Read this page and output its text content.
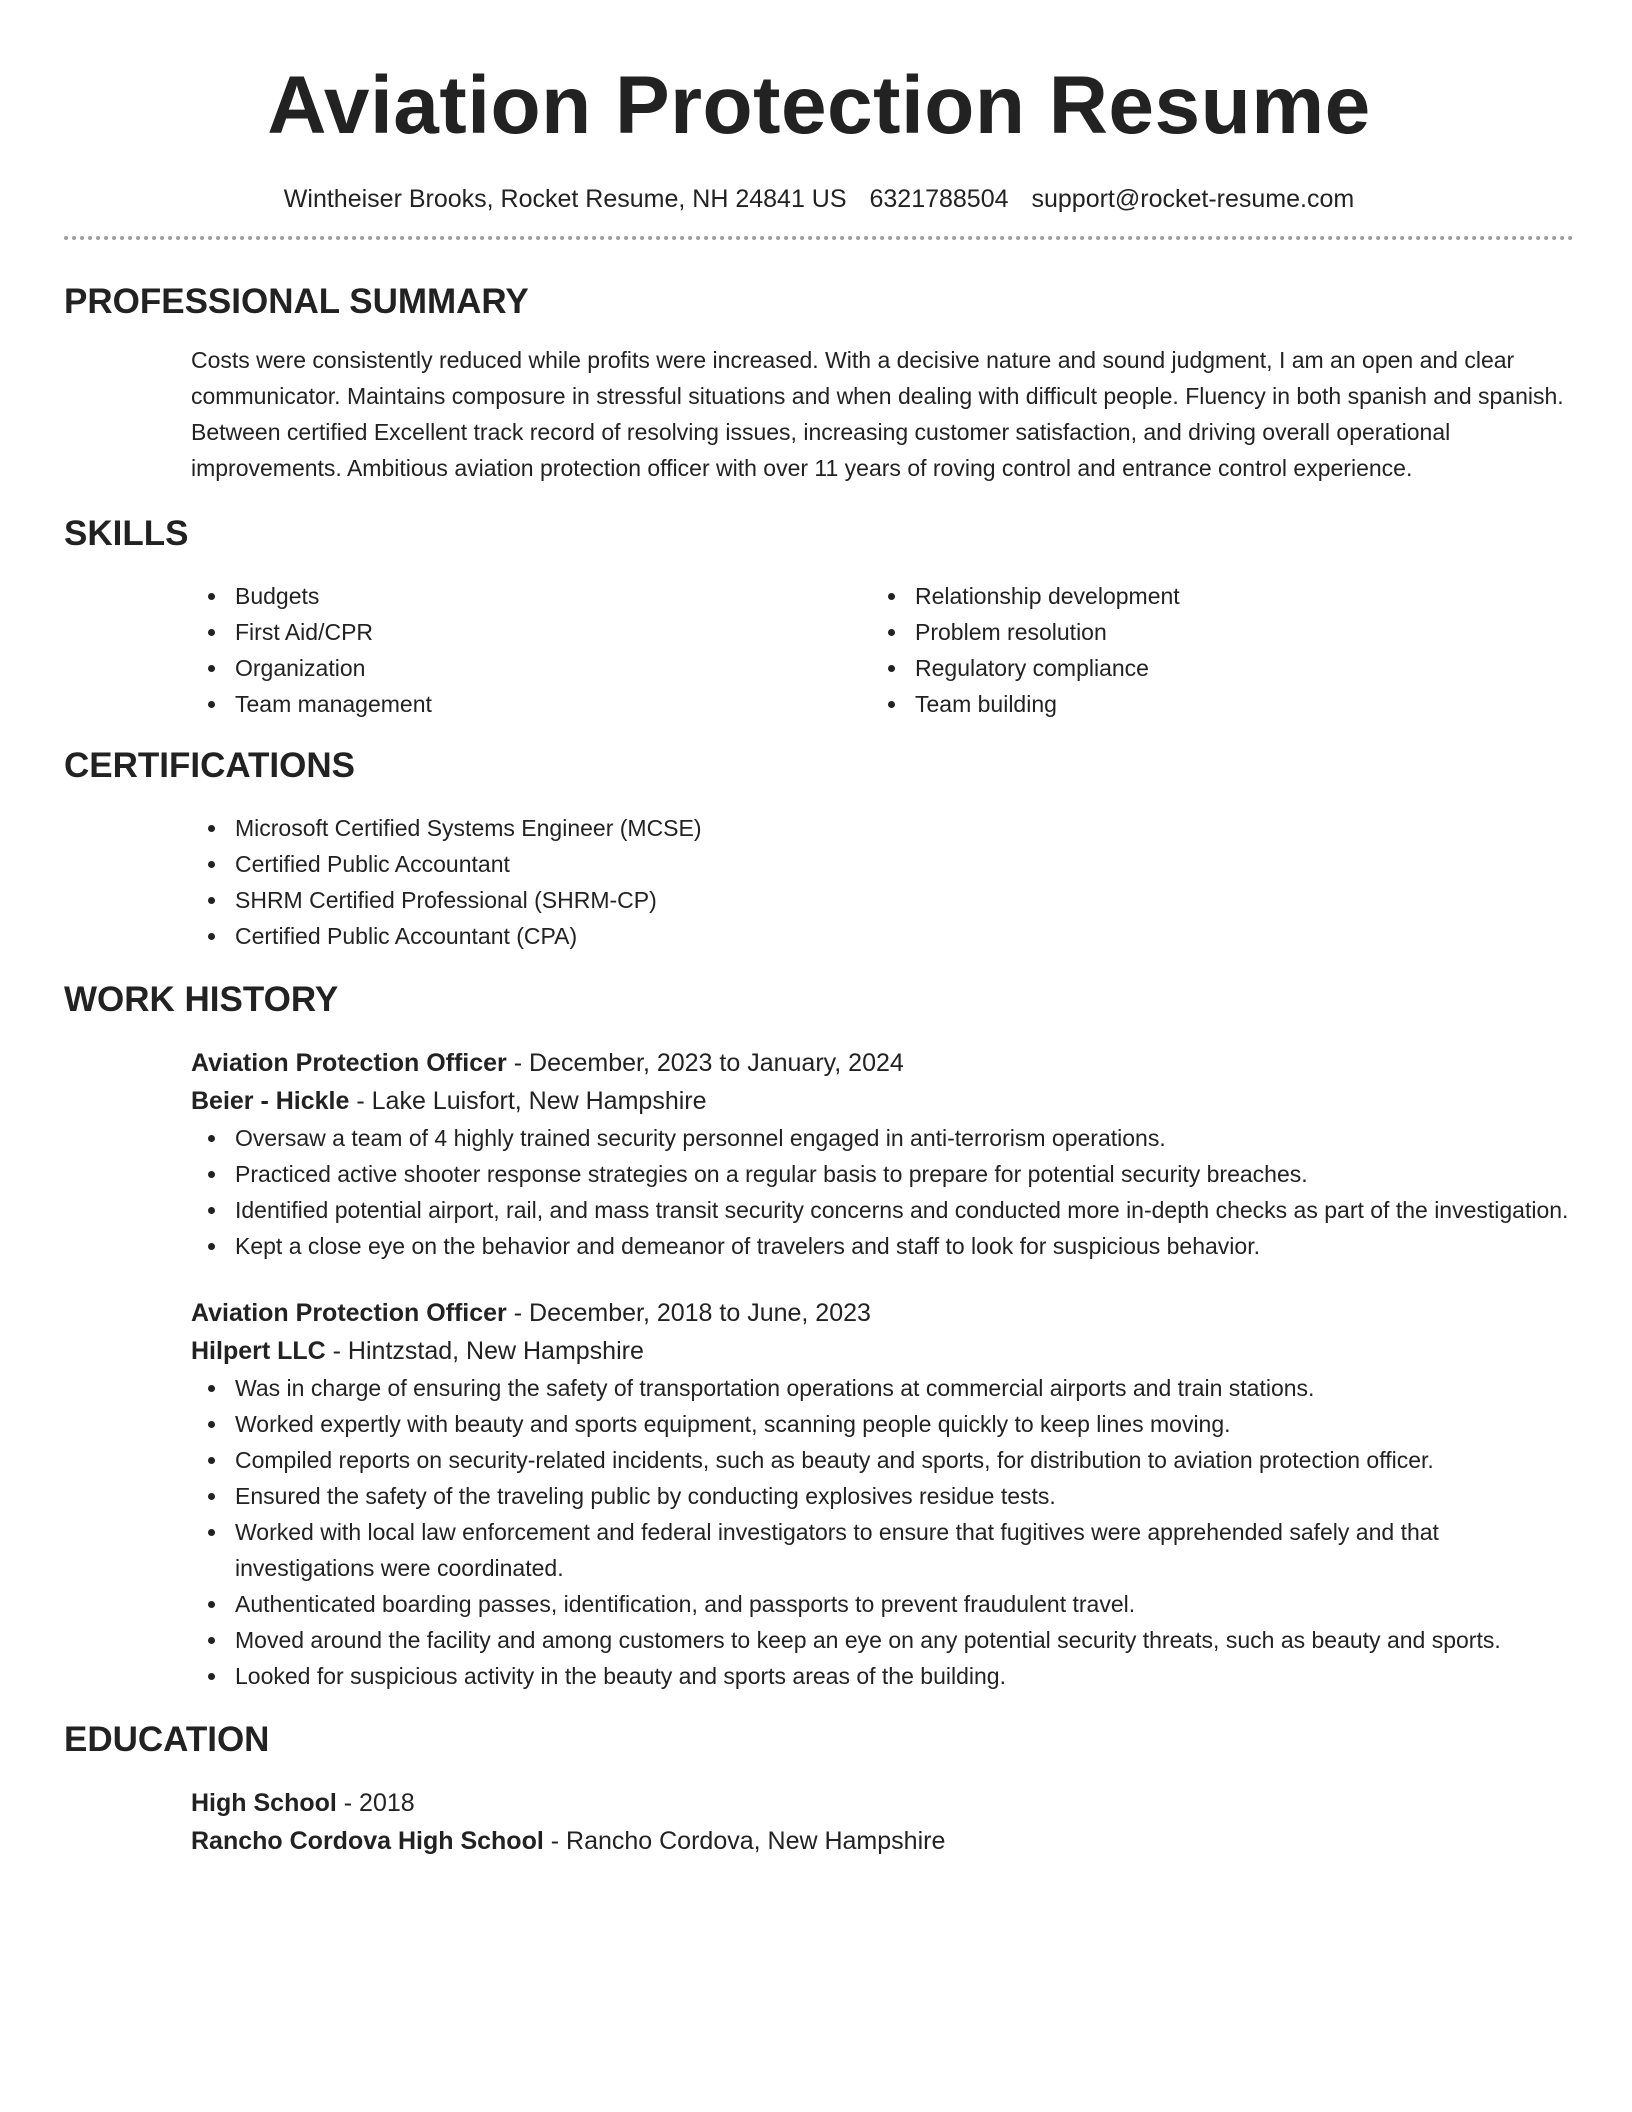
Aviation Protection Resume
Wintheiser Brooks, Rocket Resume, NH 24841 US 6321788504 support@rocket-resume.com
PROFESSIONAL SUMMARY
Costs were consistently reduced while profits were increased. With a decisive nature and sound judgment, I am an open and clear communicator. Maintains composure in stressful situations and when dealing with difficult people. Fluency in both spanish and spanish. Between certified Excellent track record of resolving issues, increasing customer satisfaction, and driving overall operational improvements. Ambitious aviation protection officer with over 11 years of roving control and entrance control experience.
SKILLS
Budgets
First Aid/CPR
Organization
Team management
Relationship development
Problem resolution
Regulatory compliance
Team building
CERTIFICATIONS
Microsoft Certified Systems Engineer (MCSE)
Certified Public Accountant
SHRM Certified Professional (SHRM-CP)
Certified Public Accountant (CPA)
WORK HISTORY
Aviation Protection Officer - December, 2023 to January, 2024
Beier - Hickle - Lake Luisfort, New Hampshire
Oversaw a team of 4 highly trained security personnel engaged in anti-terrorism operations.
Practiced active shooter response strategies on a regular basis to prepare for potential security breaches.
Identified potential airport, rail, and mass transit security concerns and conducted more in-depth checks as part of the investigation.
Kept a close eye on the behavior and demeanor of travelers and staff to look for suspicious behavior.
Aviation Protection Officer - December, 2018 to June, 2023
Hilpert LLC - Hintzstad, New Hampshire
Was in charge of ensuring the safety of transportation operations at commercial airports and train stations.
Worked expertly with beauty and sports equipment, scanning people quickly to keep lines moving.
Compiled reports on security-related incidents, such as beauty and sports, for distribution to aviation protection officer.
Ensured the safety of the traveling public by conducting explosives residue tests.
Worked with local law enforcement and federal investigators to ensure that fugitives were apprehended safely and that investigations were coordinated.
Authenticated boarding passes, identification, and passports to prevent fraudulent travel.
Moved around the facility and among customers to keep an eye on any potential security threats, such as beauty and sports.
Looked for suspicious activity in the beauty and sports areas of the building.
EDUCATION
High School - 2018
Rancho Cordova High School - Rancho Cordova, New Hampshire
